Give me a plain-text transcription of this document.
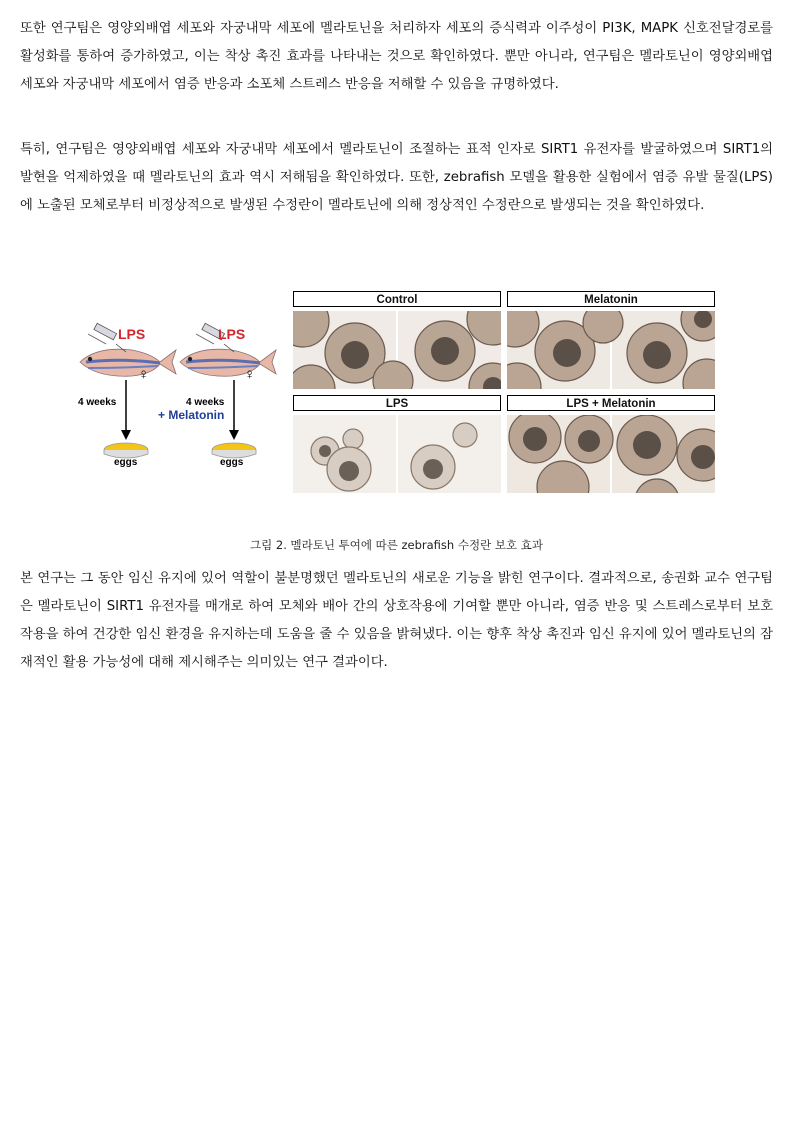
또한 연구팀은 영양외배엽 세포와 자궁내막 세포에 멜라토닌을 처리하자 세포의 증식력과 이주성이 PI3K, MAPK 신호전달경로를 활성화를 통하여 증가하였고, 이는 착상 촉진 효과를 나타내는 것으로 확인하였다. 뿐만 아니라, 연구팀은 멜라토닌이 영양외배엽 세포와 자궁내막 세포에서 염증 반응과 소포체 스트레스 반응을 저해할 수 있음을 규명하였다.

특히, 연구팀은 영양외배엽 세포와 자궁내막 세포에서 멜라토닌이 조절하는 표적 인자로 SIRT1 유전자를 발굴하였으며 SIRT1의 발현을 억제하였을 때 멜라토닌의 효과 역시 저해됨을 확인하였다. 또한, zebrafish 모델을 활용한 실험에서 염증 유발 물질(LPS)에 노출된 모체로부터 비정상적으로 발생된 수정란이 멜라토닌에 의해 정상적인 수정란으로 발생되는 것을 확인하였다.

LPS	LPS
♀	♀
4 weeks	4 weeks
+ Melatonin
eggs	eggs
Control	Melatonin
LPS	LPS + Melatonin
그림 2. 멜라토닌 투여에 따른 zebrafish 수정란 보호 효과

본 연구는 그 동안 임신 유지에 있어 역할이 불분명했던 멜라토닌의 새로운 기능을 밝힌 연구이다. 결과적으로, 송권화 교수 연구팀은 멜라토닌이 SIRT1 유전자를 매개로 하여 모체와 배아 간의 상호작용에 기여할 뿐만 아니라, 염증 반응 및 스트레스로부터 보호 작용을 하여 건강한 임신 환경을 유지하는데 도움을 줄 수 있음을 밝혀냈다. 이는 향후 착상 촉진과 임신 유지에 있어 멜라토닌의 잠재적인 활용 가능성에 대해 제시해주는 의미있는 연구 결과이다.
